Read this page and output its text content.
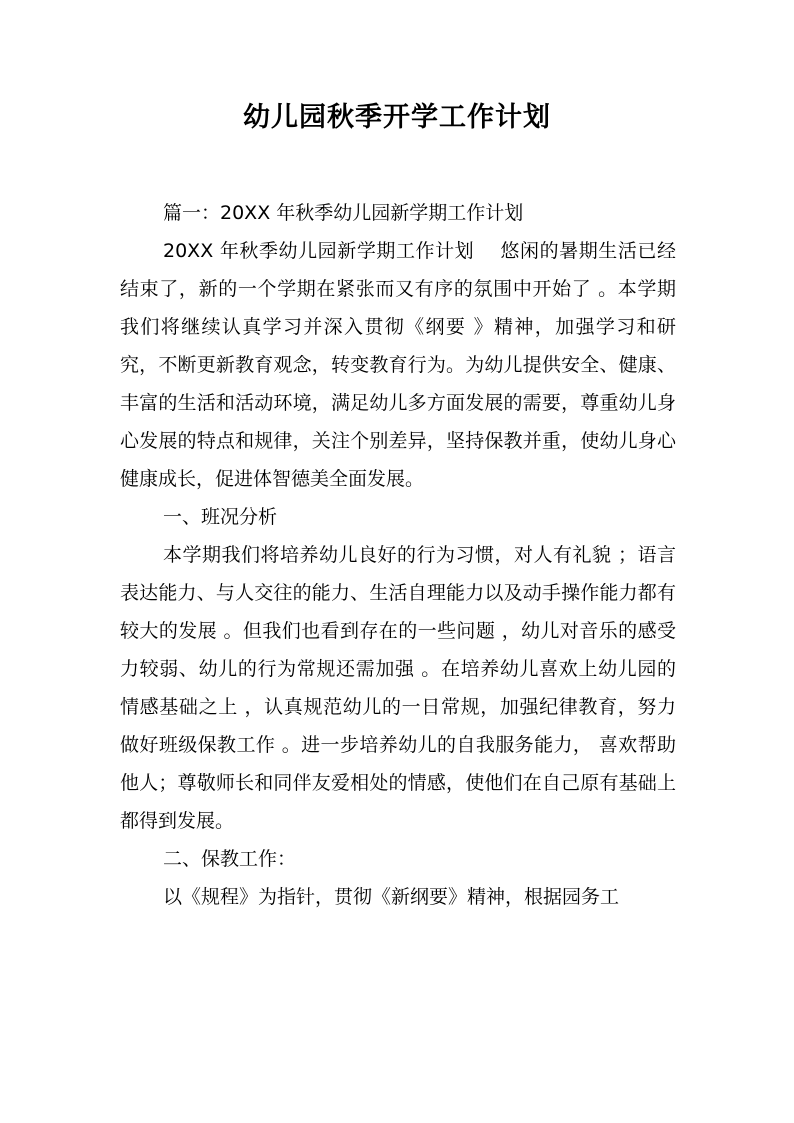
幼儿园秋季开学工作计划

篇一：20XX 年秋季幼儿园新学期工作计划

20XX 年秋季幼儿园新学期工作计划　 悠闲的暑期生活已经结束了，新的一个学期在紧张而又有序的氛围中开始了 。本学期我们将继续认真学习并深入贯彻《纲要 》精神，加强学习和研究，不断更新教育观念，转变教育行为。为幼儿提供安全、健康、丰富的生活和活动环境，满足幼儿多方面发展的需要，尊重幼儿身心发展的特点和规律，关注个别差异，坚持保教并重，使幼儿身心健康成长，促进体智德美全面发展。

一、班况分析

本学期我们将培养幼儿良好的行为习惯，对人有礼貌 ；语言表达能力、与人交往的能力、生活自理能力以及动手操作能力都有较大的发展 。但我们也看到存在的一些问题 ，幼儿对音乐的感受力较弱、幼儿的行为常规还需加强 。在培养幼儿喜欢上幼儿园的情感基础之上 ，认真规范幼儿的一日常规，加强纪律教育，努力做好班级保教工作 。进一步培养幼儿的自我服务能力， 喜欢帮助他人；尊敬师长和同伴友爱相处的情感，使他们在自己原有基础上都得到发展。

二、保教工作：

以《规程》为指针，贯彻《新纲要》精神，根据园务工
